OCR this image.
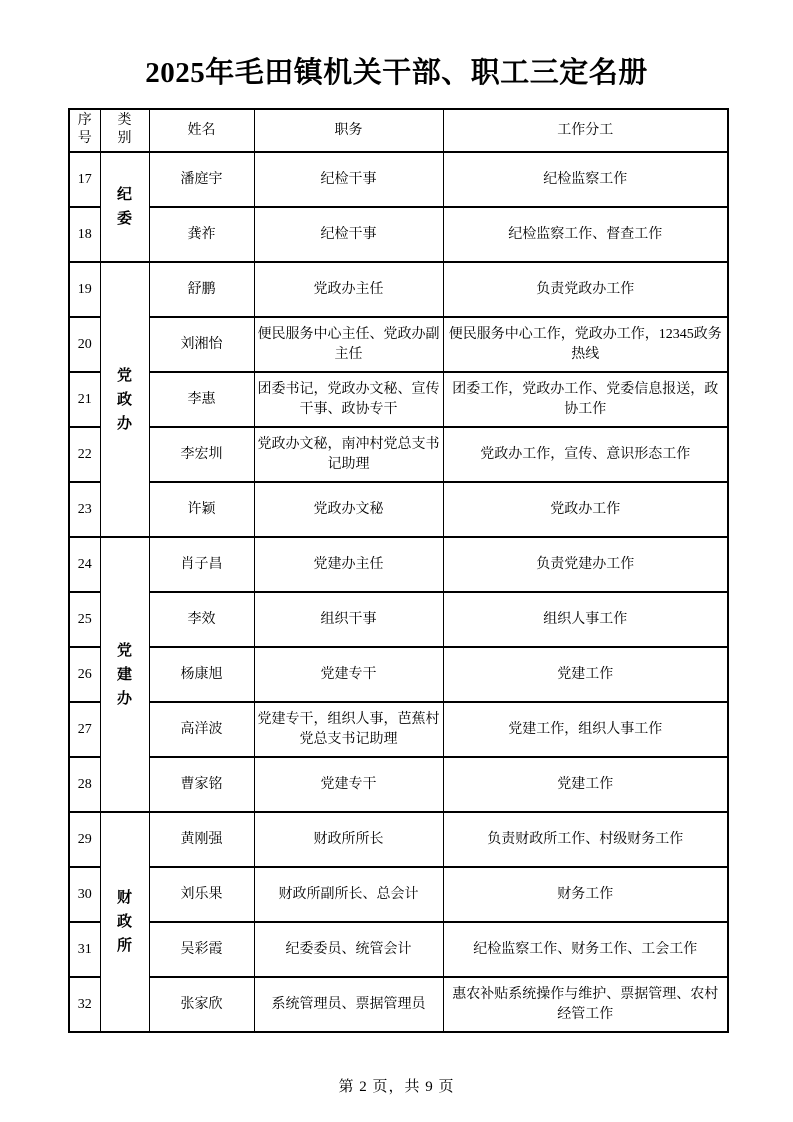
2025年毛田镇机关干部、职工三定名册
序号	类别	姓名	职务	工作分工
17	纪委	潘庭宇	纪检干事	纪检监察工作
18		龚祚	纪检干事	纪检监察工作、督查工作
19	党政办	舒鹏	党政办主任	负责党政办工作
20		刘湘怡	便民服务中心主任、党政办副主任	便民服务中心工作，党政办工作，12345政务热线
21		李惠	团委书记，党政办文秘、宣传干事、政协专干	团委工作，党政办工作、党委信息报送，政协工作
22		李宏圳	党政办文秘，南冲村党总支书记助理	党政办工作，宣传、意识形态工作
23		许颖	党政办文秘	党政办工作
24	党建办	肖子昌	党建办主任	负责党建办工作
25		李效	组织干事	组织人事工作
26		杨康旭	党建专干	党建工作
27		高洋波	党建专干，组织人事，芭蕉村党总支书记助理	党建工作，组织人事工作
28		曹家铭	党建专干	党建工作
29	财政所	黄刚强	财政所所长	负责财政所工作、村级财务工作
30		刘乐果	财政所副所长、总会计	财务工作
31		吴彩霞	纪委委员、统管会计	纪检监察工作、财务工作、工会工作
32		张家欣	系统管理员、票据管理员	惠农补贴系统操作与维护、票据管理、农村经管工作
第 2 页，共 9 页
